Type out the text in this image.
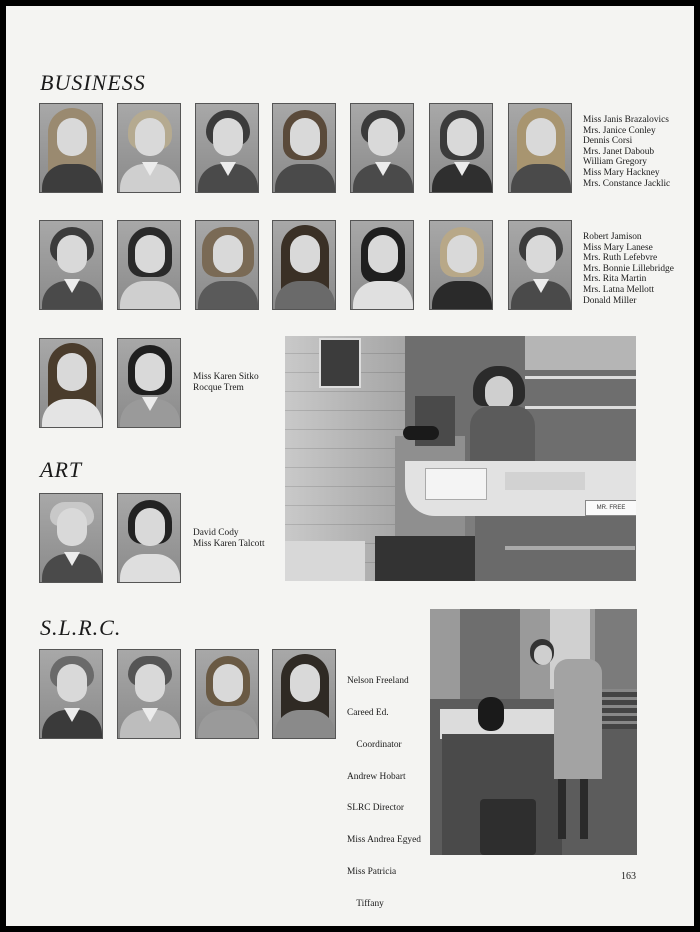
BUSINESS
Miss Janis Brazalovics
Mrs. Janice Conley
Dennis Corsi
Mrs. Janet Daboub
William Gregory
Miss Mary Hackney
Mrs. Constance Jacklic
Robert Jamison
Miss Mary Lanese
Mrs. Ruth Lefebvre
Mrs. Bonnie Lillebridge
Mrs. Rita Martin
Mrs. Latna Mellott
Donald Miller
Miss Karen Sitko
Rocque Trem
MR. FREE
ART
David Cody
Miss Karen Talcott
S.L.R.C.

Nelson Freeland

Careed Ed.

Coordinator

Andrew Hobart

SLRC Director

Miss Andrea Egyed

Miss Patricia

Tiffany

163
